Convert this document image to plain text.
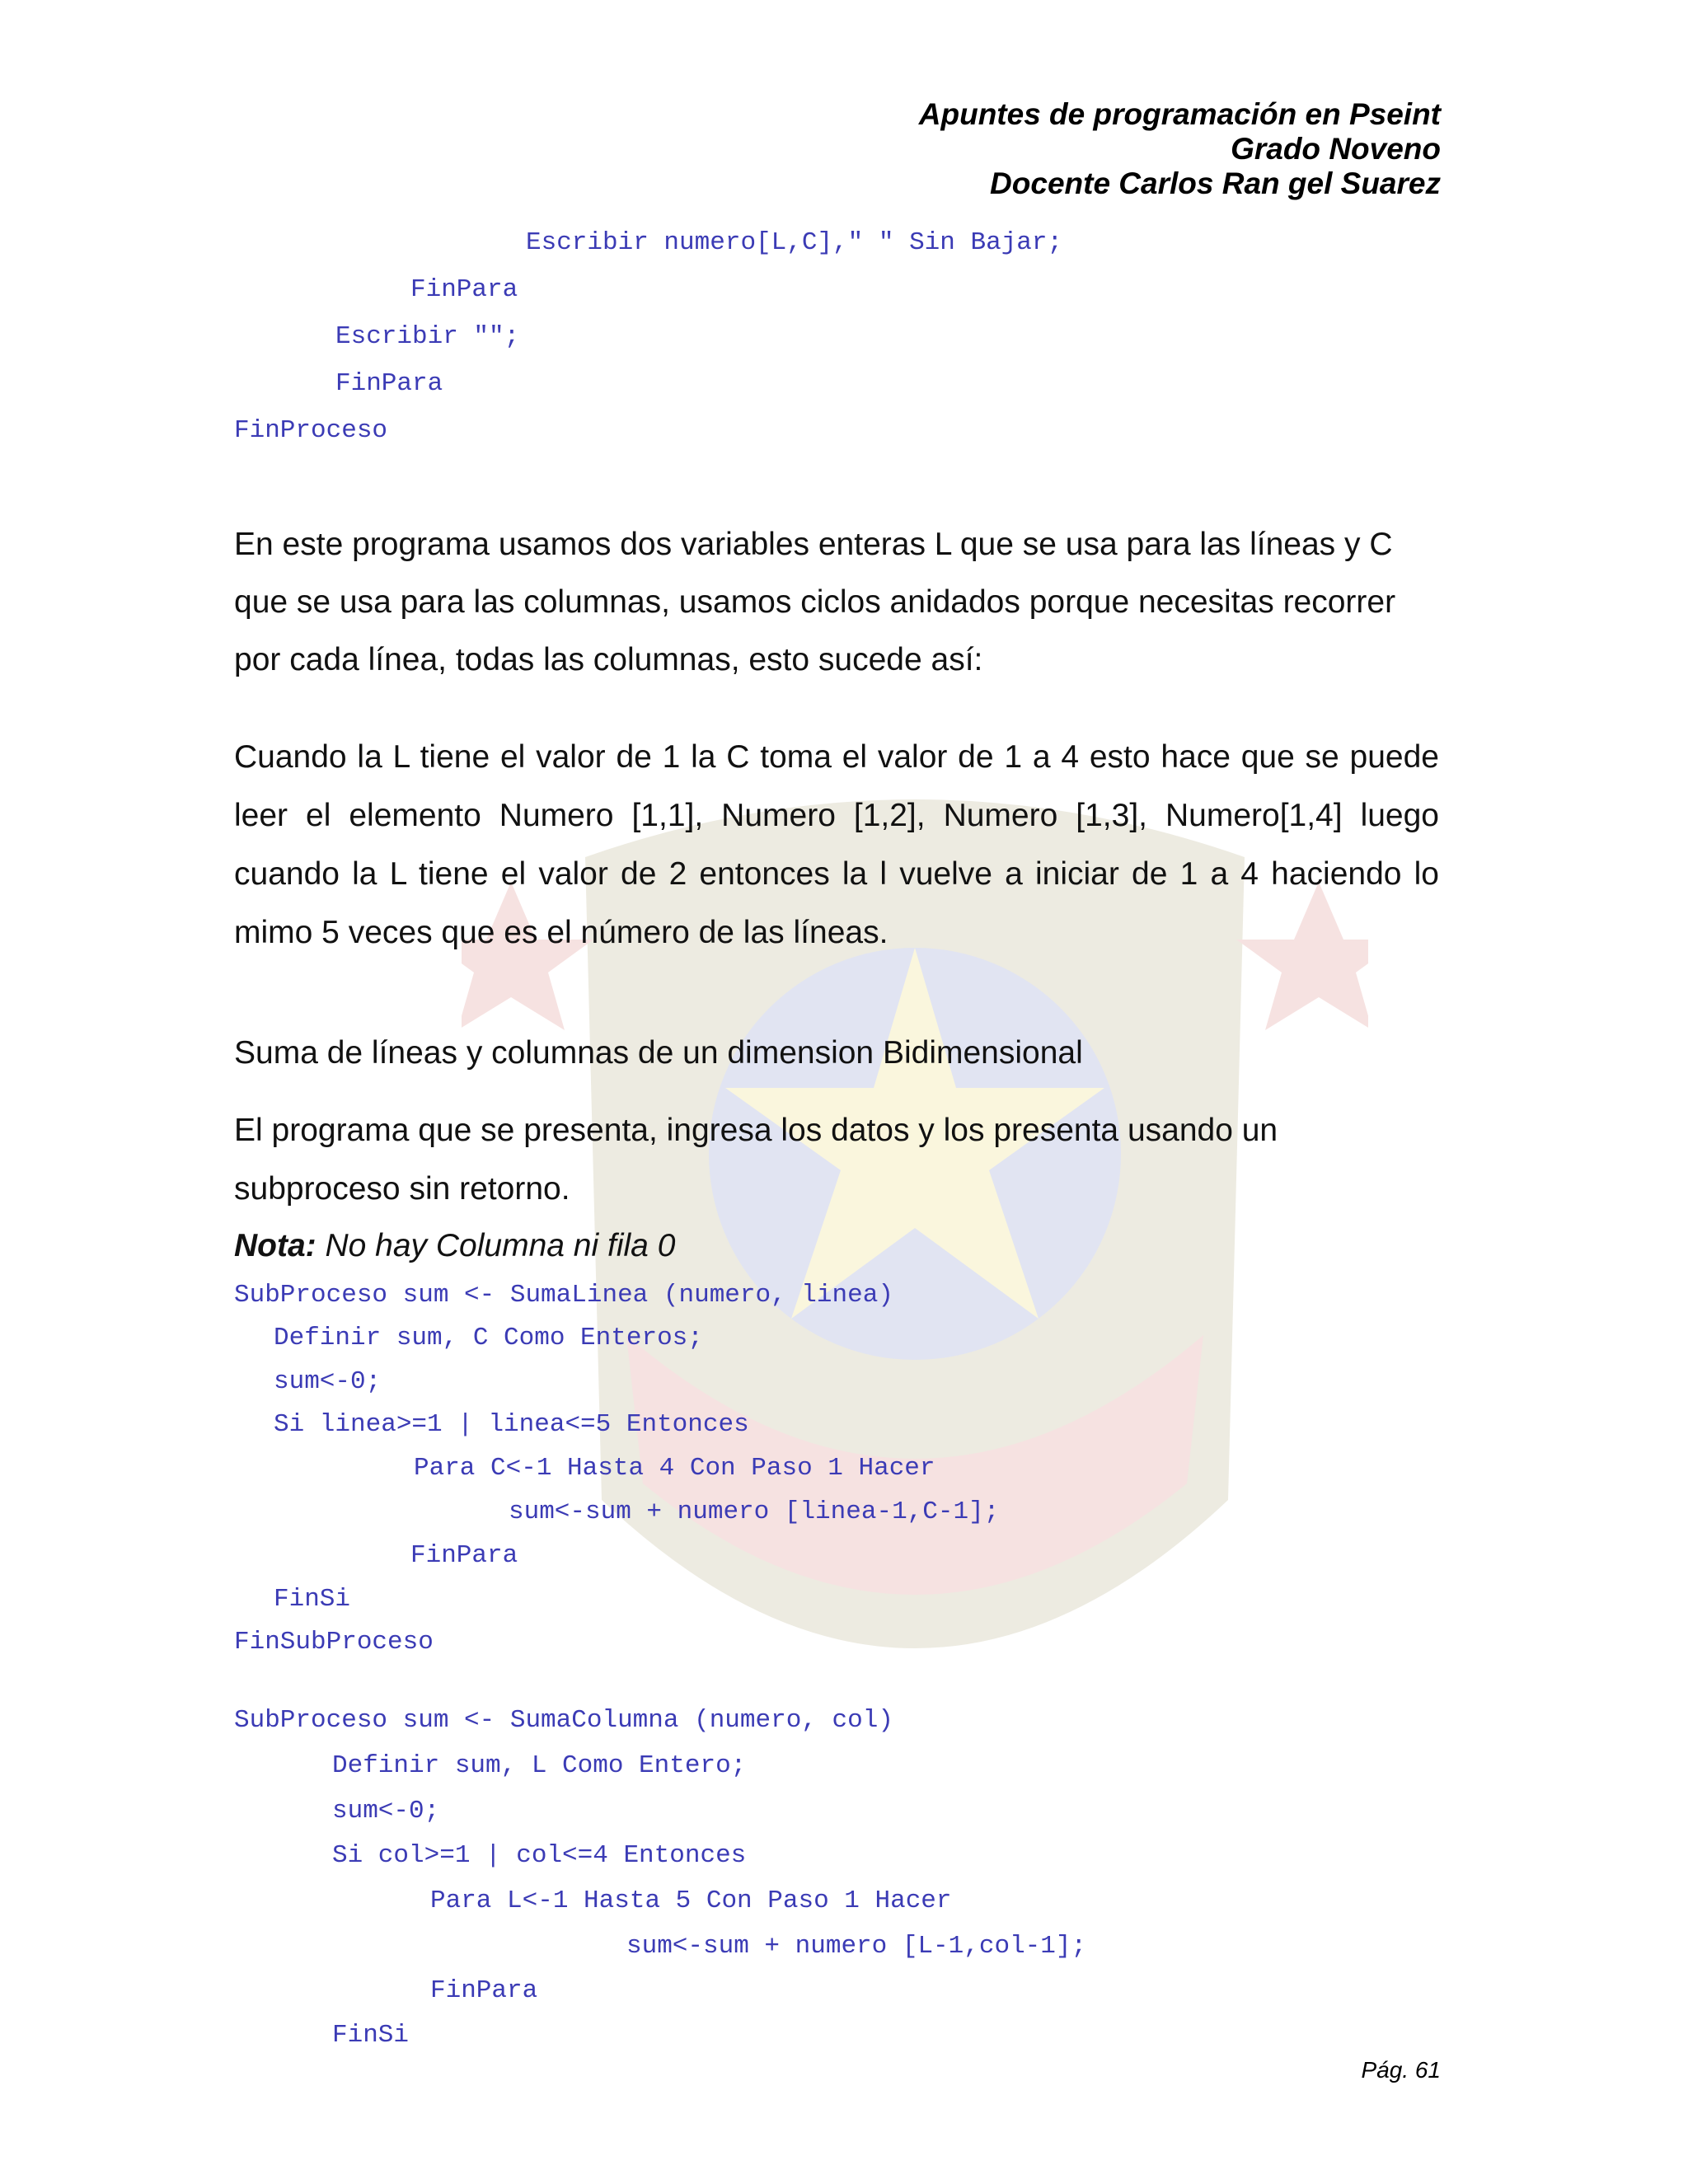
Apuntes de programación en Pseint
Grado Noveno
Docente Carlos Ran gel Suarez
Escribir numero[L,C]," " Sin Bajar;
FinPara
Escribir "";
FinPara
FinProceso

En este programa usamos dos variables enteras L que se usa para las líneas y C que se usa para las columnas, usamos ciclos anidados porque necesitas recorrer por cada línea, todas las columnas, esto sucede así:

Cuando la L tiene el valor de 1 la C toma el valor de 1 a 4 esto hace que se puede leer el elemento Numero [1,1], Numero [1,2], Numero [1,3], Numero[1,4] luego cuando la L tiene el valor de 2 entonces la l vuelve a iniciar de 1 a 4 haciendo lo mimo 5 veces que es el número de las líneas.

Suma de líneas y columnas de un dimension Bidimensional

El programa que se presenta, ingresa los datos y los presenta usando un subproceso sin retorno.

Nota: No hay Columna ni fila 0

SubProceso sum <- SumaLinea (numero, linea)
Definir sum, C Como Enteros;
sum<-0;
Si linea>=1 | linea<=5 Entonces
Para C<-1 Hasta 4 Con Paso 1 Hacer
sum<-sum + numero [linea-1,C-1];
FinPara
FinSi
FinSubProceso
SubProceso sum <- SumaColumna (numero, col)
Definir sum, L Como Entero;
sum<-0;
Si col>=1 | col<=4 Entonces
Para L<-1 Hasta 5 Con Paso 1 Hacer
sum<-sum + numero [L-1,col-1];
FinPara
FinSi
Pág. 61
